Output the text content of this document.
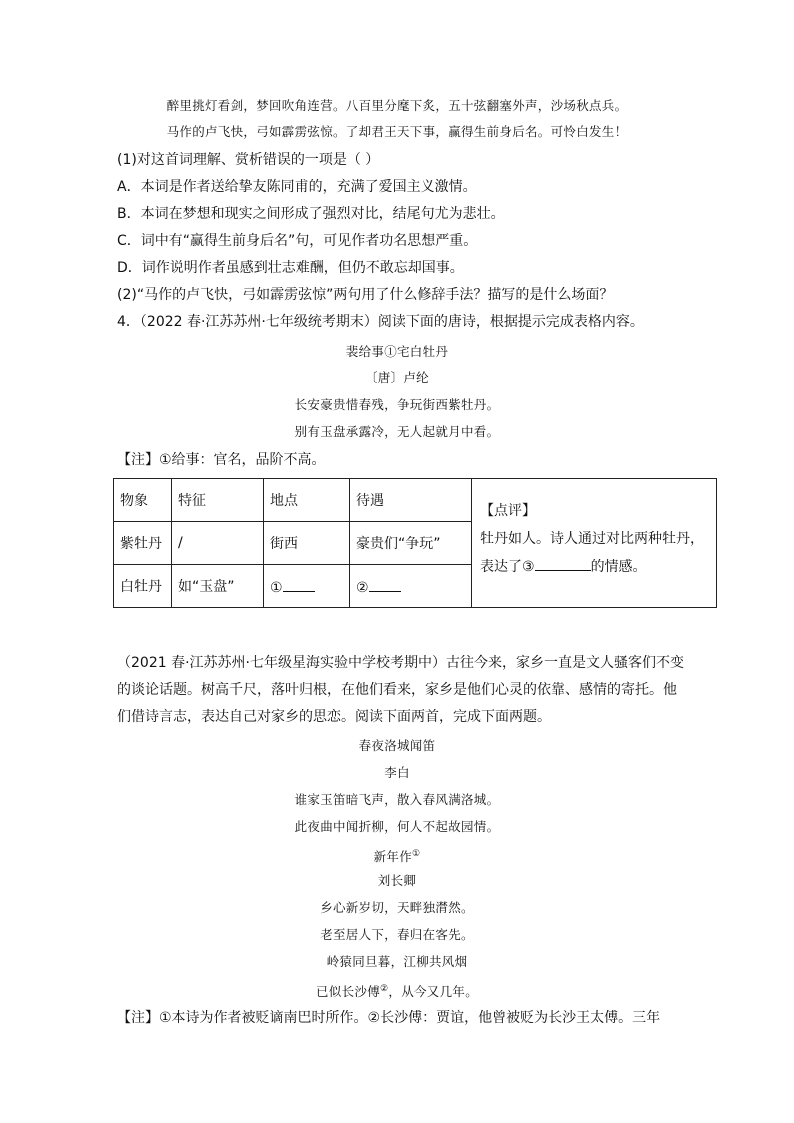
醉里挑灯看剑，梦回吹角连营。八百里分麾下炙，五十弦翻塞外声，沙场秋点兵。
马作的卢飞快，弓如霹雳弦惊。了却君王天下事，赢得生前身后名。可怜白发生！
(1)对这首词理解、赏析错误的一项是（ ）
A．本词是作者送给挚友陈同甫的，充满了爱国主义激情。
B．本词在梦想和现实之间形成了强烈对比，结尾句尤为悲壮。
C．词中有“赢得生前身后名”句，可见作者功名思想严重。
D．词作说明作者虽感到壮志难酬，但仍不敢忘却国事。
(2)“马作的卢飞快，弓如霹雳弦惊”两句用了什么修辞手法？描写的是什么场面？
4．（2022 春·江苏苏州·七年级统考期末）阅读下面的唐诗，根据提示完成表格内容。
裴给事①宅白牡丹
〔唐〕卢纶
长安豪贵惜春残，争玩街西紫牡丹。
别有玉盘承露冷，无人起就月中看。
【注】①给事：官名，品阶不高。
物象	特征	地点	待遇	【点评】
牡丹如人。诗人通过对比两种牡丹，
表达了③ 的情感。

紫牡丹	/	街西	豪贵们“争玩”	
白牡丹	如“玉盘”	①	②	
（2021 春·江苏苏州·七年级星海实验中学校考期中）古往今来，家乡一直是文人骚客们不变
的谈论话题。树高千尺，落叶归根，在他们看来，家乡是他们心灵的依靠、感情的寄托。他
们借诗言志，表达自己对家乡的思恋。阅读下面两首，完成下面两题。
春夜洛城闻笛
李白
谁家玉笛暗飞声，散入春风满洛城。
此夜曲中闻折柳，何人不起故园情。
新年作①
刘长卿
乡心新岁切，天畔独潸然。
老至居人下，春归在客先。
岭猿同旦暮，江柳共风烟
已似长沙傅②，从今又几年。
【注】①本诗为作者被贬谪南巴时所作。②长沙傅：贾谊，他曾被贬为长沙王太傅。三年
